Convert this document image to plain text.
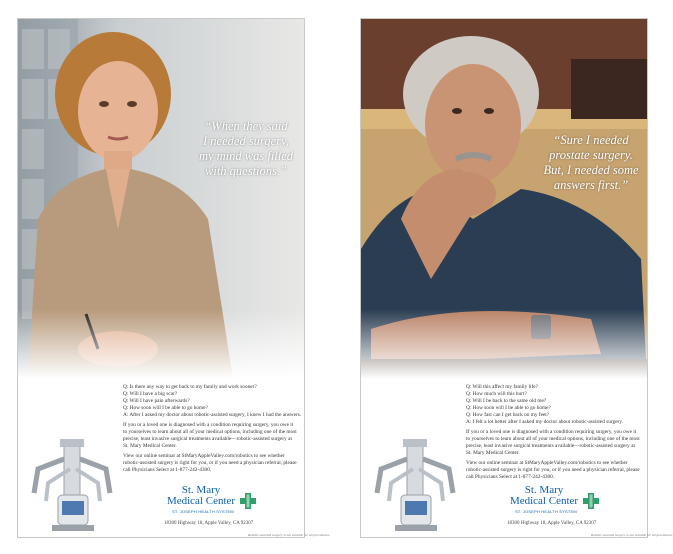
“When they said
I needed surgery,
my mind was filled
with questions.”
Q: Is there any way to get back to my family and work sooner?
Q: Will I have a big scar?
Q: Will I have pain afterwards?
Q: How soon will I be able to go home?
A: After I asked my doctor about robotic-assisted surgery, I knew I had the answers.

If you or a loved one is diagnosed with a condition requiring surgery, you owe it to yourselves to learn about all of your medical options, including one of the most precise, least invasive surgical treatments available—robotic-assisted surgery at St. Mary Medical Center.

View our online seminar at StMaryAppleValley.com/robotics to see whether robotic-assisted surgery is right for you, or if you need a physician referral, please call Physicians Select at 1-877-242-4300.

St. Mary
Medical Center
ST. JOSEPH HEALTH SYSTEM
18300 Highway 18, Apple Valley, CA 92307
Robotic-assisted surgery is not suitable for all procedures.
“Sure I needed
prostate surgery.
But, I needed some
answers first.”
Q: Will this affect my family life?
Q: How much will this hurt?
Q: Will I be back to the same old me?
Q: How soon will I be able to go home?
Q: How fast can I get back on my feet?
A: I felt a lot better after I asked my doctor about robotic-assisted surgery.

If you or a loved one is diagnosed with a condition requiring surgery, you owe it to yourselves to learn about all of your medical options, including one of the most precise, least invasive surgical treatments available—robotic-assisted surgery at St. Mary Medical Center.

View our online seminar at StMaryAppleValley.com/robotics to see whether robotic-assisted surgery is right for you, or if you need a physician referral, please call Physicians Select at 1-877-242-4300.

St. Mary
Medical Center
ST. JOSEPH HEALTH SYSTEM
18300 Highway 18, Apple Valley, CA 92307
Robotic-assisted surgery is not suitable for all procedures.
